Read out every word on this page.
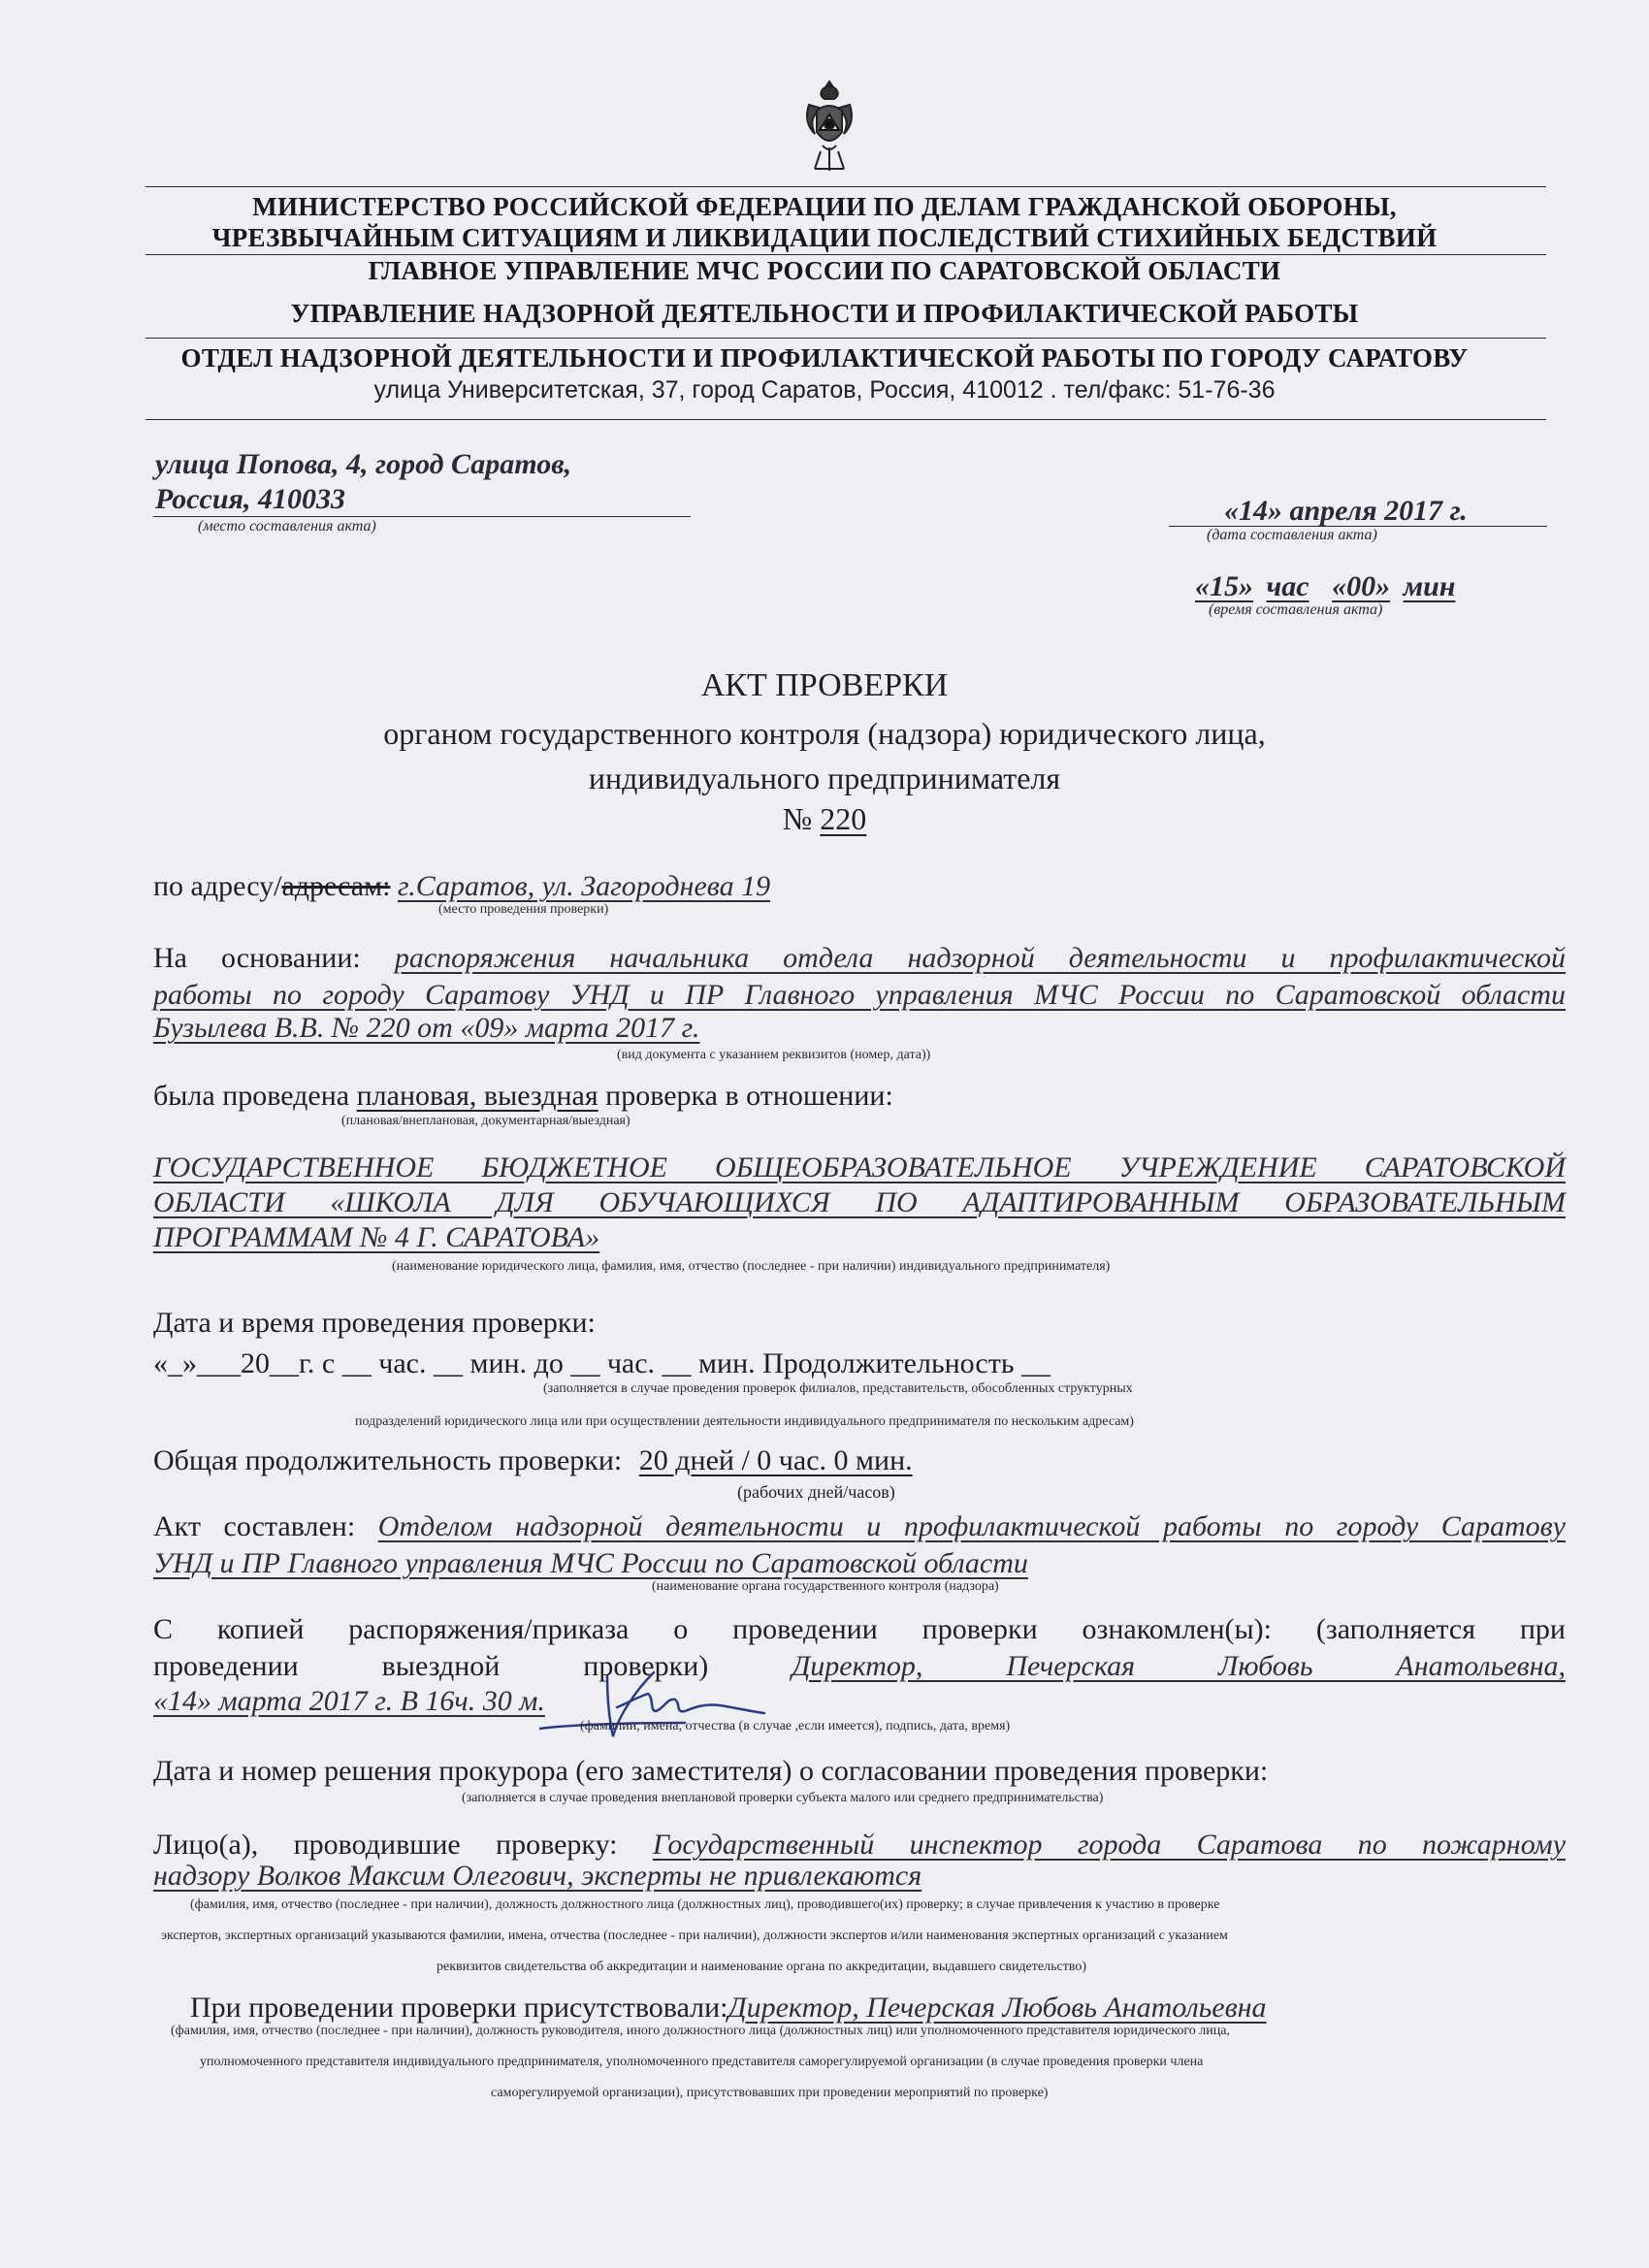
МИНИСТЕРСТВО РОССИЙСКОЙ ФЕДЕРАЦИИ ПО ДЕЛАМ ГРАЖДАНСКОЙ ОБОРОНЫ,
ЧРЕЗВЫЧАЙНЫМ СИТУАЦИЯМ И ЛИКВИДАЦИИ ПОСЛЕДСТВИЙ СТИХИЙНЫХ БЕДСТВИЙ
ГЛАВНОЕ УПРАВЛЕНИЕ МЧС РОССИИ ПО САРАТОВСКОЙ ОБЛАСТИ
УПРАВЛЕНИЕ НАДЗОРНОЙ ДЕЯТЕЛЬНОСТИ И ПРОФИЛАКТИЧЕСКОЙ РАБОТЫ
ОТДЕЛ НАДЗОРНОЙ ДЕЯТЕЛЬНОСТИ И ПРОФИЛАКТИЧЕСКОЙ РАБОТЫ ПО ГОРОДУ САРАТОВУ
улица Университетская, 37, город Саратов, Россия, 410012 . тел/факс: 51-76-36
улица Попова, 4, город Саратов,
Россия, 410033
(место составления акта)	«14» апреля 2017 г.
(дата составления акта)
«15» час «00» мин
(время составления акта)
АКТ ПРОВЕРКИ
органом государственного контроля (надзора) юридического лица,
индивидуального предпринимателя
№ 220
по адресу/адресам: г.Саратов, ул. Загороднева 19
(место проведения проверки)
На основании: распоряжения начальника отдела надзорной деятельности и профилактической
работы по городу Саратову УНД и ПР Главного управления МЧС России по Саратовской области
Бузылева В.В. № 220 от «09» марта 2017 г.
(вид документа с указанием реквизитов (номер, дата))
была проведена плановая, выездная проверка в отношении:
(плановая/внеплановая, документарная/выездная)
ГОСУДАРСТВЕННОЕ БЮДЖЕТНОЕ ОБЩЕОБРАЗОВАТЕЛЬНОЕ УЧРЕЖДЕНИЕ САРАТОВСКОЙ
ОБЛАСТИ «ШКОЛА ДЛЯ ОБУЧАЮЩИХСЯ ПО АДАПТИРОВАННЫМ ОБРАЗОВАТЕЛЬНЫМ
ПРОГРАММАМ № 4 Г. САРАТОВА»
(наименование юридического лица, фамилия, имя, отчество (последнее - при наличии) индивидуального предпринимателя)
Дата и время проведения проверки:
«_»___20__г. с __ час. __ мин. до __ час. __ мин. Продолжительность __
(заполняется в случае проведения проверок филиалов, представительств, обособленных структурных
подразделений юридического лица или при осуществлении деятельности индивидуального предпринимателя по нескольким адресам)
Общая продолжительность проверки: 20 дней / 0 час. 0 мин.
(рабочих дней/часов)
Акт составлен: Отделом надзорной деятельности и профилактической работы по городу Саратову
УНД и ПР Главного управления МЧС России по Саратовской области
(наименование органа государственного контроля (надзора)
С копией распоряжения/приказа о проведении проверки ознакомлен(ы): (заполняется при
проведении выездной проверки)	Директор, Печерская Любовь Анатольевна,
«14» марта 2017 г. В 16ч. 30 м.
(фамилии, имена, отчества (в случае ,если имеется), подпись, дата, время)
Дата и номер решения прокурора (его заместителя) о согласовании проведения проверки:
(заполняется в случае проведения внеплановой проверки субъекта малого или среднего предпринимательства)
Лицо(а), проводившие проверку: Государственный инспектор города Саратова по пожарному
надзору Волков Максим Олегович, эксперты не привлекаются
(фамилия, имя, отчество (последнее - при наличии), должность должностного лица (должностных лиц), проводившего(их) проверку; в случае привлечения к участию в проверке
экспертов, экспертных организаций указываются фамилии, имена, отчества (последнее - при наличии), должности экспертов и/или наименования экспертных организаций с указанием
реквизитов свидетельства об аккредитации и наименование органа по аккредитации, выдавшего свидетельство)
При проведении проверки присутствовали:Директор, Печерская Любовь Анатольевна
(фамилия, имя, отчество (последнее - при наличии), должность руководителя, иного должностного лица (должностных лиц) или уполномоченного представителя юридического лица,
уполномоченного представителя индивидуального предпринимателя, уполномоченного представителя саморегулируемой организации (в случае проведения проверки члена
саморегулируемой организации), присутствовавших при проведении мероприятий по проверке)
